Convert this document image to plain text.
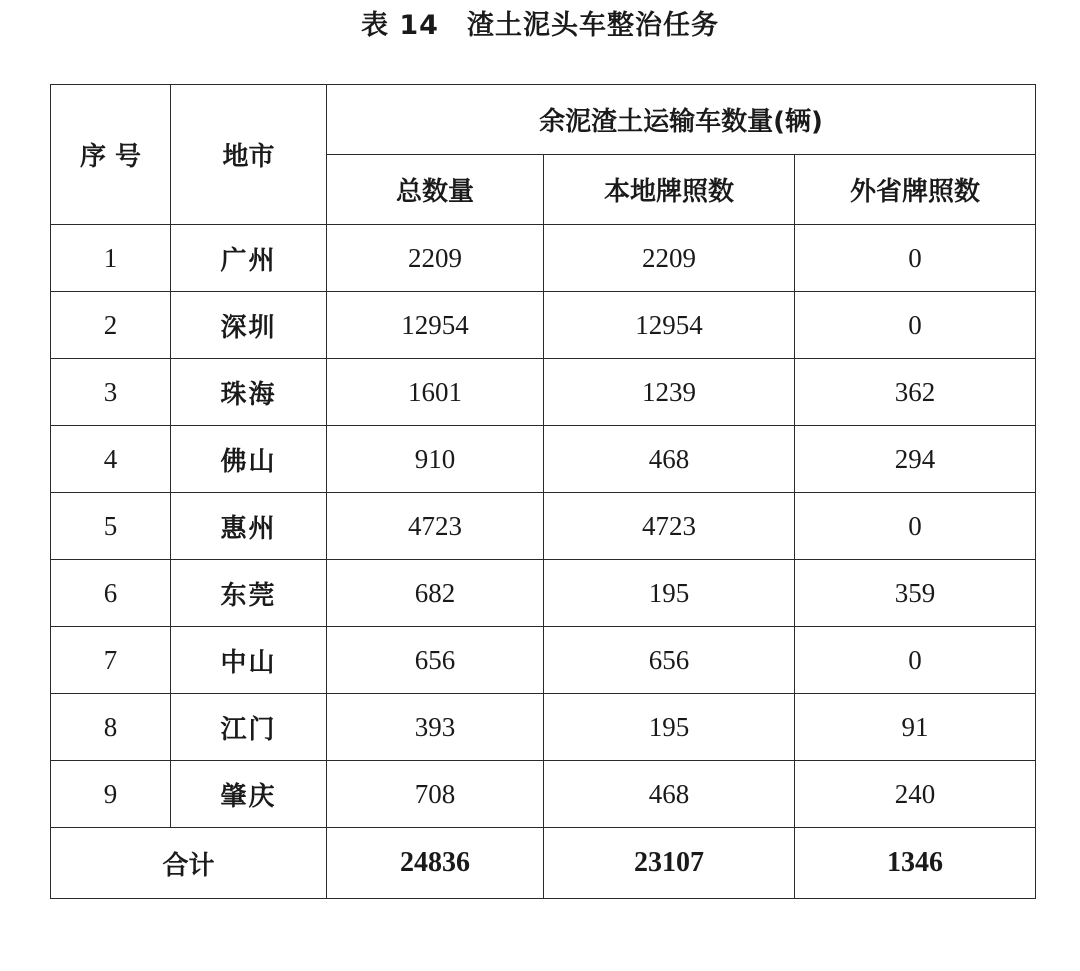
表 14　渣土泥头车整治任务
序 号	地市	余泥渣土运输车数量(辆)		
		总数量	本地牌照数	外省牌照数
1	广州	2209	2209	0
2	深圳	12954	12954	0
3	珠海	1601	1239	362
4	佛山	910	468	294
5	惠州	4723	4723	0
6	东莞	682	195	359
7	中山	656	656	0
8	江门	393	195	91
9	肇庆	708	468	240
合计		24836	23107	1346
